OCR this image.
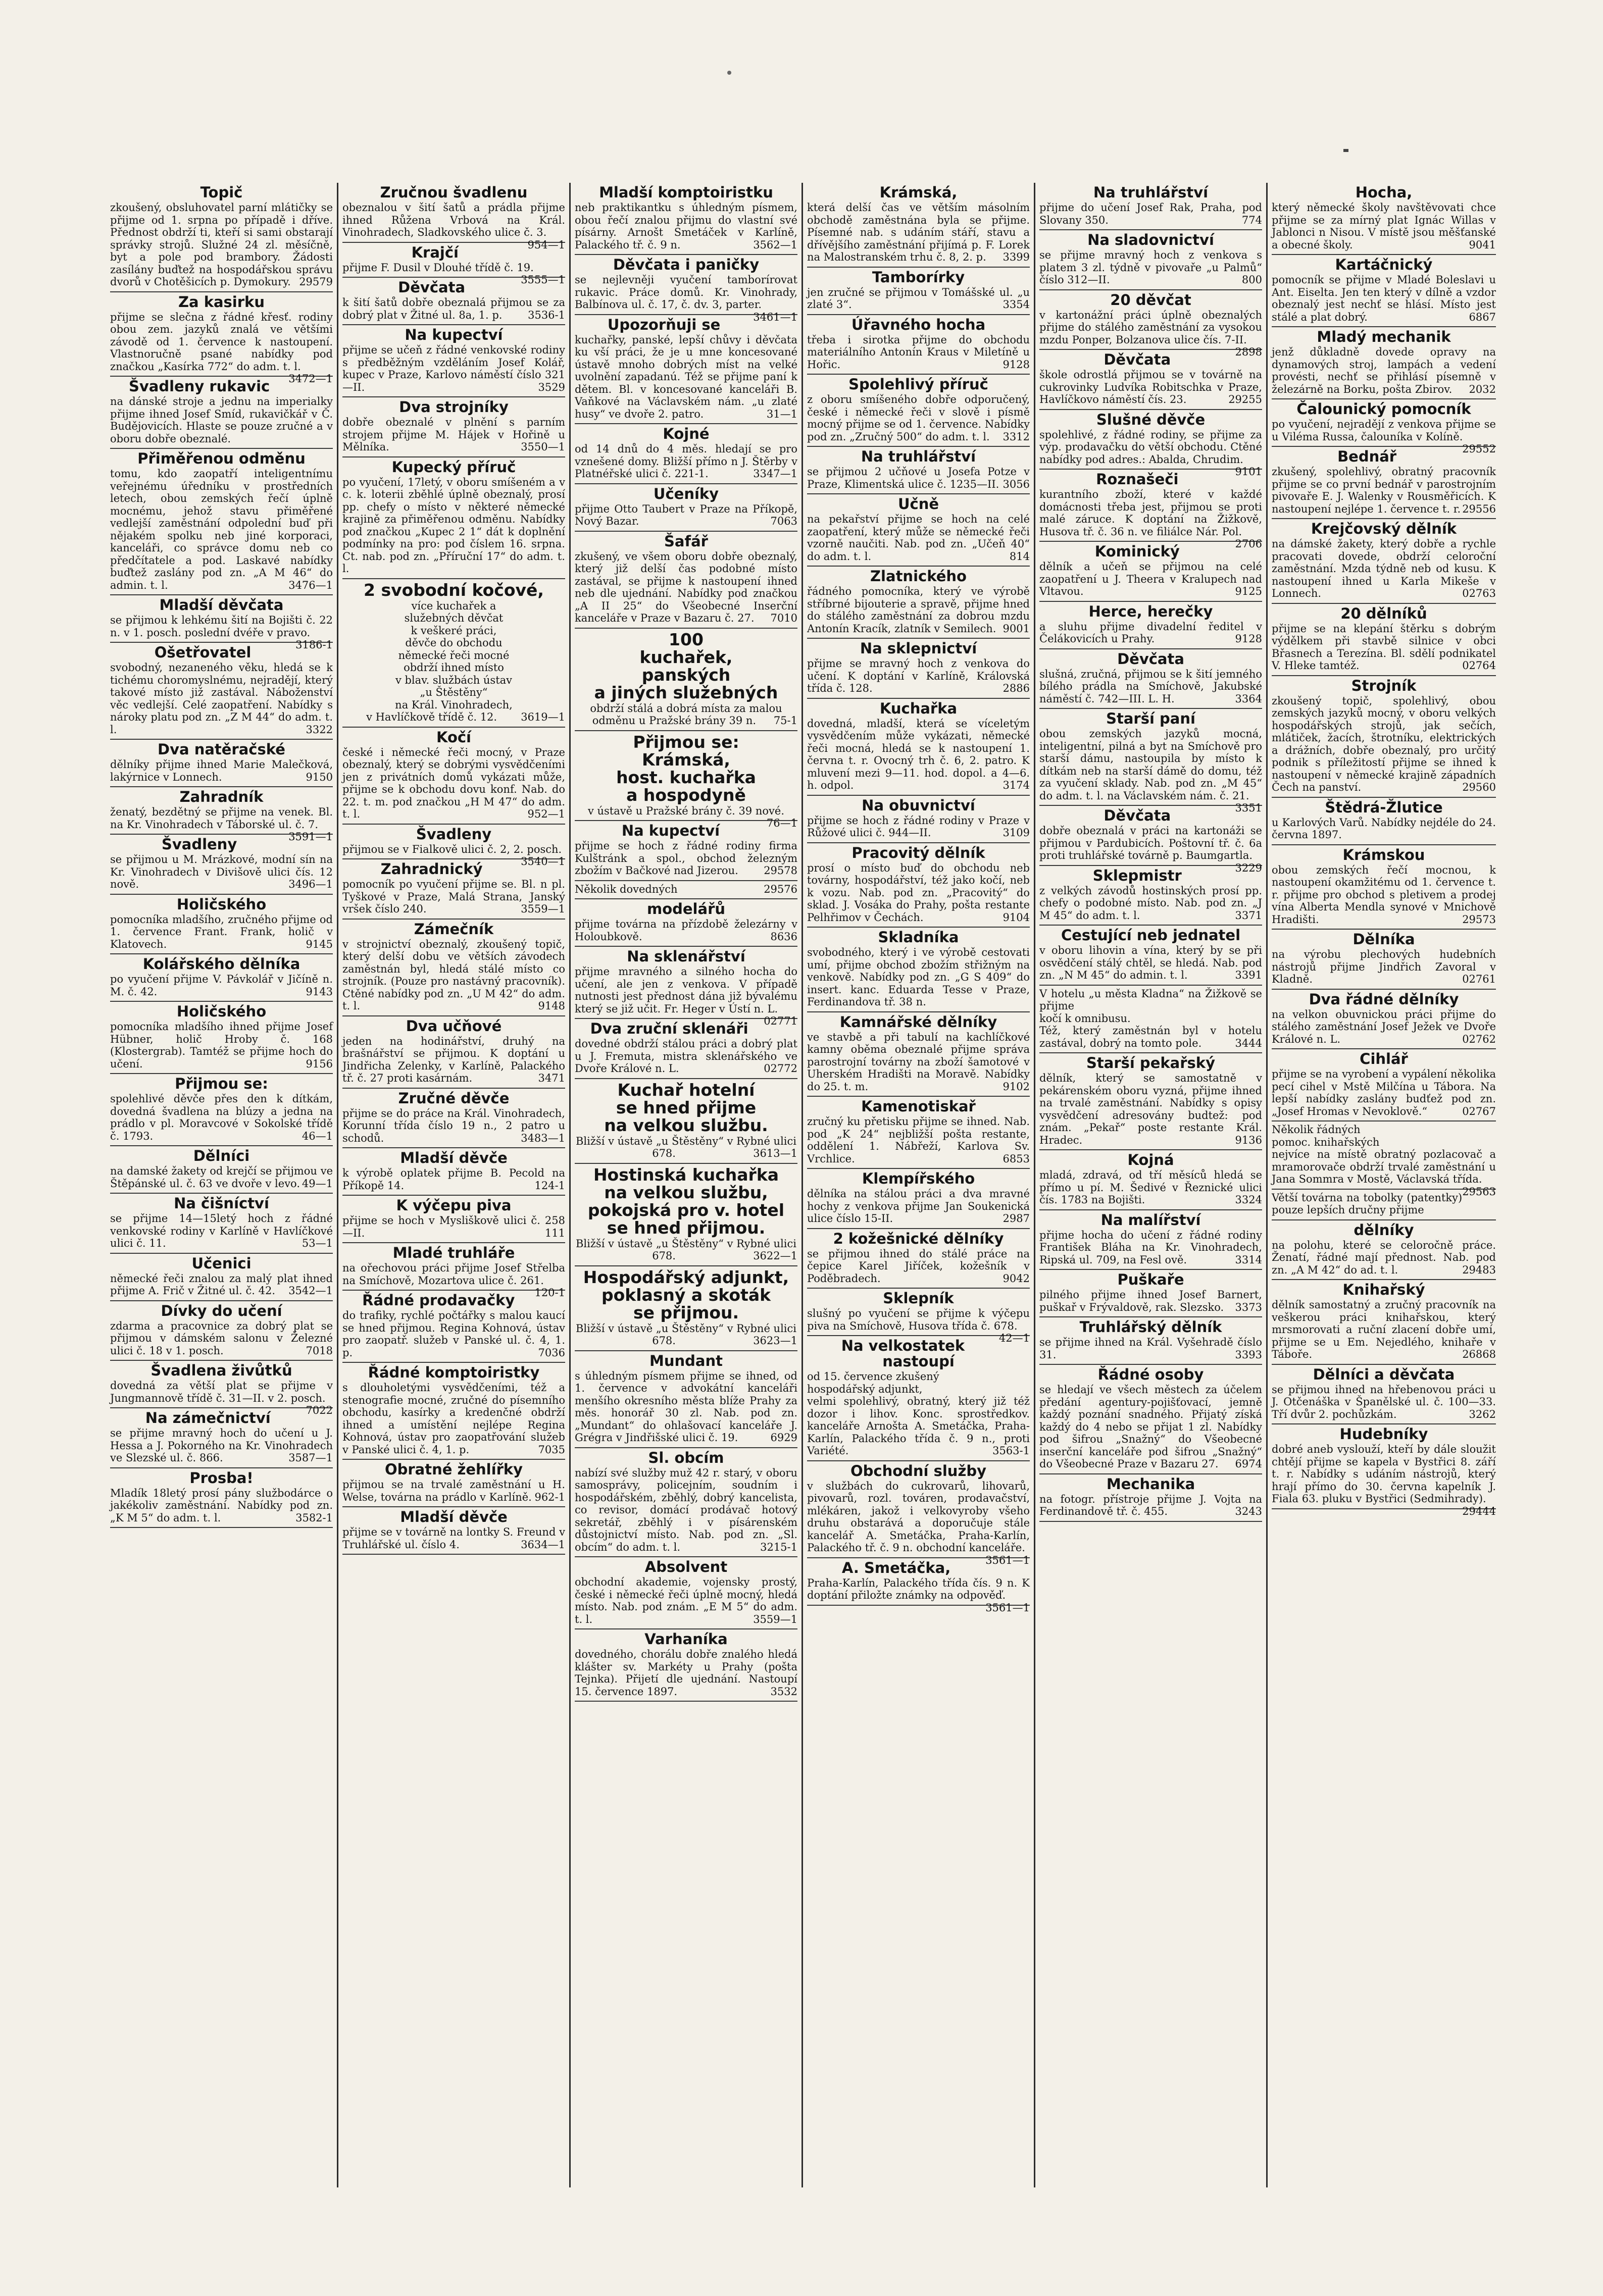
Topič
zkoušený, obsluhovatel parní mlátičky se přijme od 1. srpna po případě i dříve. Přednost obdrží ti, kteří si sami obstarají správky strojů. Služné 24 zl. měsíčně, byt a pole pod brambory. Žádosti zasílány buďtež na hospodářskou správu dvorů v Chotěšicích p. Dymokury. 29579
Za kasirku
přijme se slečna z řádné křesť. rodiny obou zem. jazyků znalá ve většími závodě od 1. července k nastoupení. Vlastnoručně psané nabídky pod značkou „Kasírka 772“ do adm. t. l.
3472—1
Švadleny rukavic
na dánské stroje a jednu na imperialky přijme ihned Josef Smíd, rukavičkář v Č. Budějovicích. Hlaste se pouze zručné a v oboru dobře obeznalé.
Přiměřenou odměnu
tomu, kdo zaopatří inteligentnímu veřejnému úředníku v prostředních letech, obou zemských řečí úplně mocnému, jehož stavu přiměřené vedlejší zaměstnání odpolední buď při nějakém spolku neb jiné korporaci, kanceláři, co správce domu neb co předčítatele a pod. Laskavé nabídky buďtež zaslány pod zn. „A M 46“ do admin. t. l.	3476—1
Mladší děvčata
se přijmou k lehkému šití na Bojišti č. 22 n. v 1. posch. poslední dvéře v pravo.
3186-1
Ošetřovatel
svobodný, nezaneného věku, hledá se k tichému choromyslnému, nejradějí, který takové místo již zastával. Náboženství věc vedlejší. Celé zaopatření. Nabídky s nároky platu pod zn. „Z M 44“ do adm. t. l.	3322
Dva natěračské
dělníky přijme ihned Marie Malečková, lakýrnice v Lonnech.	9150
Zahradník
ženatý, bezdětný se přijme na venek. Bl. na Kr. Vinohradech v Táborské ul. č. 7.
3591—1
Švadleny
se přijmou u M. Mrázkové, modní sín na Kr. Vinohradech v Divišově ulici čís. 12 nově.	3496—1
Holičského
pomocníka mladšího, zručného přijme od 1. července Frant. Frank, holič v Klatovech.	9145
Kolářského dělníka
po vyučení přijme V. Pávkolář v Jičíně n. M. č. 42.	9143
Holičského
pomocníka mladšího ihned přijme Josef Hübner, holič Hroby č. 168 (Klostergrab). Tamtéž se přijme hoch do učení.	9156
Přijmou se:
spolehlivé děvče přes den k dítkám, dovedná švadlena na blúzy a jedna na prádlo v pl. Moravcové v Sokolské třídě č. 1793.	46—1
Dělníci
na damské žakety od krejčí se přijmou ve Štěpánské ul. č. 63 ve dvoře v levo. 49—1
Na čišníctví
se přijme 14—15letý hoch z řádné venkovské rodiny v Karlíně v Havlíčkové ulici č. 11.	53—1
Učenici
německé řeči znalou za malý plat ihned přijme A. Frič v Žitné ul. č. 42. 3542—1
Dívky do učení
zdarma a pracovnice za dobrý plat se přijmou v dámském salonu v Železné ulici č. 18 v 1. posch.	7018
Švadlena živůtků
dovedná za větší plat se přijme v Jungmannově třídě č. 31—II. v 2. posch.
7022
Na zámečnictví
se přijme mravný hoch do učení u J. Hessa a J. Pokorného na Kr. Vinohradech ve Slezské ul. č. 866.	3587—1
Prosba!
Mladík 18letý prosí pány službodárce o jakékoliv zaměstnání. Nabídky pod zn. „K M 5“ do adm. t. l.	3582-1
Zručnou švadlenu
obeznalou v šití šatů a prádla přijme ihned Růžena Vrbová na Král. Vinohradech, Sladkovského ulice č. 3.
954—1
Krajčí
přijme F. Dusil v Dlouhé třídě č. 19.
3555—1
Děvčata
k šití šatů dobře obeznalá přijmou se za dobrý plat v Žitné ul. 8a, 1. p. 3536-1
Na kupectví
přijme se učeň z řádné venkovské rodiny s předběžným vzděláním Josef Kolář, kupec v Praze, Karlovo náměstí číslo 321—II.	3529
Dva strojníky
dobře obeznalé v plnění s parním strojem přijme M. Hájek v Hořině u Mělníka.	3550—1
Kupecký příruč
po vyučení, 17letý, v oboru smíšeném a v c. k. loterii zběhlé úplně obeznalý, prosí pp. chefy o místo v některé německé krajině za přiměřenou odměnu. Nabídky pod značkou „Kupec 2 1“ dát k doplnění podmínky na pro: pod číslem 16. srpna. Ct. nab. pod zn. „Příruční 17“ do adm. t. l.
2 svobodní kočové,
více kuchařek a
služebných děvčat
k veškeré práci,
děvče do obchodu
německé řeči mocné
obdrží ihned místo
v blav. službách ústav
„u Štěstěny“
na Král. Vinohradech,
v Havlíčkově třídě č. 12. 3619—1
Kočí
české i německé řeči mocný, v Praze obeznalý, který se dobrými vysvědčeními jen z privátních domů vykázati může, přijme se k obchodu dovu konf. Nab. do 22. t. m. pod značkou „H M 47“ do adm. t. l.	952—1
Švadleny
přijmou se v Fialkově ulici č. 2, 2. posch.
3540—1
Zahradnický
pomocník po vyučení přijme se. Bl. n pl. Tyškové v Praze, Malá Strana, Janský vršek číslo 240.	3559—1
Zámečník
v strojnictví obeznalý, zkoušený topič, který delší dobu ve větších závodech zaměstnán byl, hledá stálé místo co strojník. (Pouze pro nastávný pracovník). Ctěné nabídky pod zn. „U M 42“ do adm. t. l.	9148
Dva učňové
jeden na hodinářství, druhý na brašnářství se přijmou. K doptání u Jindřicha Zelenky, v Karlíně, Palackého tř. č. 27 proti kasárnám.	3471
Zručné děvče
přijme se do práce na Král. Vinohradech, Korunní třída číslo 19 n., 2 patro u schodů.	3483—1
Mladší děvče
k výrobě oplatek přijme B. Pecold na Příkopě 14.	124-1
K výčepu piva
přijme se hoch v Mysliškově ulici č. 258—II.	111
Mladé truhláře
na ořechovou práci přijme Josef Střelba na Smíchově, Mozartova ulice č. 261.
120-1
Řádné prodavačky
do trafiky, rychlé počtářky s malou kaucí se hned přijmou. Regina Kohnová, ústav pro zaopatř. služeb v Panské ul. č. 4, 1. p.	7036
Řádné komptoiristky
s dlouholetými vysvědčeními, též a stenografie mocné, zručné do písemního obchodu, kasírky a kredenčné obdrží ihned a umístění nejlépe Regina Kohnová, ústav pro zaopatřování služeb v Panské ulici č. 4, 1. p.	7035
Obratné žehlířky
přijmou se na trvalé zaměstnání u H. Welse, továrna na prádlo v Karlíně. 962-1
Mladší děvče
přijme se v továrně na lontky S. Freund v Truhlářské ul. číslo 4.	3634—1
Mladší komptoiristku
neb praktikantku s úhledným písmem, obou řečí znalou přijmu do vlastní své písárny. Arnošt Smetáček v Karlíně, Palackého tř. č. 9 n.	3562—1
Děvčata i paničky
se nejlevněji vyučení tamborírovat rukavic. Práce domů. Kr. Vinohrady, Balbínova ul. č. 17, č. dv. 3, parter.
3461—1
Upozorňuji se
kuchařky, panské, lepší chůvy i děvčata ku vší práci, že je u mne koncesované ústavě mnoho dobrých míst na velké uvolnění zapadanú. Též se přijme paní k dětem. Bl. v koncesované kanceláři B. Vaňkové na Václavském nám. „u zlaté husy“ ve dvoře 2. patro.	31—1
Kojné
od 14 dnů do 4 měs. hledají se pro vznešené domy. Bližší přímo n J. Štěrby v Platnéřské ulici č. 221-1.	3347—1
Učeníky
přijme Otto Taubert v Praze na Příkopě, Nový Bazar.	7063
Šafář
zkušený, ve všem oboru dobře obeznalý, který již delší čas podobné místo zastával, se přijme k nastoupení ihned neb dle ujednání. Nabídky pod značkou „A II 25“ do Všeobecné Inserční kanceláře v Praze v Bazaru č. 27. 7010
100
kuchařek,
panských
a jiných služebných
obdrží stálá a dobrá místa za malou odměnu u Pražské brány 39 n. 75-1
Přijmou se:
Krámská,
host. kuchařka
a hospodyně
v ústavě u Pražské brány č. 39 nové.
76—1
Na kupectví
přijme se hoch z řádné rodiny firma Kulštránk a spol., obchod železným zbožím v Bačkové nad Jizerou. 29578
Několik dovedných	29576
modelářů
přijme továrna na přízdobě železárny v Holoubkově.	8636
Na sklenářství
přijme mravného a silného hocha do učení, ale jen z venkova. V případě nutnosti jest přednost dána již bývalému který se již učit. Fr. Heger v Ústí n. L.
02771
Dva zruční sklenáři
dovedné obdrží stálou práci a dobrý plat u J. Fremuta, mistra sklenářského ve Dvoře Králové n. L.	02772
Kuchař hotelní
se hned přijme
na velkou službu.
Bližší v ústavě „u Štěstěny“ v Rybné ulici 678.	3613—1
Hostinská kuchařka
na velkou službu,
pokojská pro v. hotel
se hned přijmou.
Bližší v ústavě „u Štěstěny“ v Rybné ulici 678.	3622—1
Hospodářský adjunkt,
poklasný a skoták
se přijmou.
Bližší v ústavě „u Štěstěny“ v Rybné ulici 678.	3623—1
Mundant
s úhledným písmem přijme se ihned, od 1. července v advokátní kanceláři menšího okresního města blíže Prahy za měs. honorář 30 zl. Nab. pod zn. „Mundant“ do ohlašovací kanceláře J. Grégra v Jindřišské ulici č. 19.	6929
Sl. obcím
nabízí své služby muž 42 r. starý, v oboru samosprávy, policejním, soudním i hospodářském, zběhlý, dobrý kancelista, co revisor, domácí prodávač hotový sekretář, zběhlý i v písárenském důstojnictví místo. Nab. pod zn. „Sl. obcím“ do adm. t. l.	3215-1
Absolvent
obchodní akademie, vojensky prostý, české i německé řeči úplně mocný, hledá místo. Nab. pod znám. „E M 5“ do adm. t. l.	3559—1
Varhaníka
dovedného, chorálu dobře znalého hledá klášter sv. Markéty u Prahy (pošta Tejnka). Přijetí dle ujednání. Nastoupí 15. července 1897.	3532
Krámská,
která delší čas ve větším másolním obchodě zaměstnána byla se přijme. Písemné nab. s udáním stáří, stavu a dřívějšího zaměstnání přijímá p. F. Lorek na Malostranském trhu č. 8, 2. p. 3399
Tamborírky
jen zručné se přijmou v Tomášské ul. „u zlaté 3“.	3354
Úřavného hocha
třeba i sirotka přijme do obchodu materiálního Antonín Kraus v Miletíně u Hořic.	9128
Spolehlivý příruč
z oboru smíšeného dobře odporučený, české i německé řeči v slově i písmě mocný přijme se od 1. července. Nabídky pod zn. „Zručný 500“ do adm. t. l. 3312
Na truhlářství
se přijmou 2 učňové u Josefa Potze v Praze, Klimentská ulice č. 1235—II. 3056
Učně
na pekařství přijme se hoch na celé zaopatření, který může se německé řeči vzorně naučiti. Nab. pod zn. „Učeň 40“ do adm. t. l.	814
Zlatnického
řádného pomocníka, který ve výrobě stříbrné bijouterie a spravě, přijme hned do stálého zaměstnání za dobrou mzdu Antonín Kracík, zlatník v Semilech. 9001
Na sklepnictví
přijme se mravný hoch z venkova do učení. K doptání v Karlíně, Královská třída č. 128.	2886
Kuchařka
dovedná, mladší, která se víceletým vysvědčením může vykázati, německé řeči mocná, hledá se k nastoupení 1. června t. r. Ovocný trh č. 6, 2. patro. K mluvení mezi 9—11. hod. dopol. a 4—6. h. odpol.	3174
Na obuvnictví
přijme se hoch z řádné rodiny v Praze v Růžové ulici č. 944—II.	3109
Pracovitý dělník
prosí o místo buď do obchodu neb továrny, hospodářství, též jako kočí, neb k vozu. Nab. pod zn. „Pracovitý“ do sklad. J. Vosáka do Prahy, pošta restante Pelhřimov v Čechách.	9104
Skladníka
svobodného, který i ve výrobě cestovati umí, přijme obchod zbožím střižným na venkově. Nabídky pod zn. „G S 409“ do insert. kanc. Eduarda Tesse v Praze, Ferdinandova tř. 38 n.
Kamnářské dělníky
ve stavbě a při tabulí na kachlíčkové kamny oběma obeznalé přijme správa parostrojní továrny na zboží šamotové v Uherském Hradišti na Moravě. Nabídky do 25. t. m.	9102
Kamenotiskař
zručný ku přetisku přijme se ihned. Nab. pod „K 24“ nejbližší pošta restante, oddělení 1. Nábřeží, Karlova Sv. Vrchlice.	6853
Klempířského
dělníka na stálou práci a dva mravné hochy z venkova přijme Jan Soukenická ulice číslo 15-II.	2987
2 kožešnické dělníky
se přijmou ihned do stálé práce na čepice Karel Jiříček, kožešník v Poděbradech.	9042
Sklepník
slušný po vyučení se přijme k výčepu piva na Smíchově, Husova třída č. 678.
42—1
Na velkostatek nastoupí
od 15. července zkušený
hospodářský adjunkt,
velmi spolehlivý, obratný, který již též dozor i lihov. Konc. sprostředkov. kanceláře Arnošta A. Smetáčka, Praha-Karlín, Palackého třída č. 9 n., proti Variété.	3563-1
Obchodní služby
v službách do cukrovarů, lihovarů, pivovarů, rozl. továren, prodavačství, mlékáren, jakož i velkovyroby všeho druhu obstarává a doporučuje stále kancelář A. Smetáčka, Praha-Karlín, Palackého tř. č. 9 n. obchodní kanceláře.
3561—1
A. Smetáčka,
Praha-Karlín, Palackého třída čís. 9 n. K doptání přiložte známky na odpověď.
3561—1
Na truhlářství
přijme do učení Josef Rak, Praha, pod Slovany 350.	774
Na sladovnictví
se přijme mravný hoch z venkova s platem 3 zl. týdně v pivovaře „u Palmů“ číslo 312—II.	800
20 děvčat
v kartonážní práci úplně obeznalých přijme do stálého zaměstnání za vysokou mzdu Ponper, Bolzanova ulice čís. 7-II.
2898
Děvčata
škole odrostlá přijmou se v továrně na cukrovinky Ludvíka Robitschka v Praze, Havlíčkovo náměstí čís. 23.	29255
Slušné děvče
spolehlivé, z řádné rodiny, se přijme za výp. prodavačku do větší obchodu. Ctěné nabídky pod adres.: Abalda, Chrudim.
9101
Roznašeči
kurantního zboží, které v každé domácnosti třeba jest, přijmou se proti malé záruce. K doptání na Žižkově, Husova tř. č. 36 n. ve filiálce Nár. Pol.
2706
Kominický
dělník a učeň se přijmou na celé zaopatření u J. Theera v Kralupech nad Vltavou.	9125
Herce, herečky
a sluhu přijme divadelní ředitel v Čelákovicích u Prahy.	9128
Děvčata
slušná, zručná, přijmou se k šití jemného bílého prádla na Smíchově, Jakubské náměstí č. 742—III. L. H.	3364
Starší paní
obou zemských jazyků mocná, inteligentní, pilná a byt na Smíchově pro starší dámu, nastoupila by místo k dítkám neb na starší dámě do domu, též za vyučení sklady. Nab. pod zn. „M 45“ do adm. t. l. na Václavském nám. č. 21.
3351
Děvčata
dobře obeznalá v práci na kartonáži se přijmou v Pardubicích. Poštovní tř. č. 6a proti truhlářské továrně p. Baumgartla.
3229
Sklepmistr
z velkých závodů hostinských prosí pp. chefy o podobné místo. Nab. pod zn. „J M 45“ do adm. t. l.	3371
Cestující neb jednatel
v oboru lihovin a vína, který by se při osvědčení stálý chtěl, se hledá. Nab. pod zn. „N M 45“ do admin. t. l.	3391
V hotelu „u města Kladna“ na Žižkově se přijme
kočí k omnibusu.
Též, který zaměstnán byl v hotelu zastával, dobrý na tomto pole.	3444
Starší pekařský
dělník, který se samostatně v pekárenském oboru vyzná, přijme ihned na trvalé zaměstnání. Nabídky s opisy vysvědčení adresovány budtež: pod znám. „Pekař“ poste restante Král. Hradec.	9136
Kojná
mladá, zdravá, od tří měsíců hledá se přímo u pí. M. Šedivé v Řeznické ulici čís. 1783 na Bojišti.	3324
Na malířství
přijme hocha do učení z řádné rodiny František Bláha na Kr. Vinohradech, Ripská ul. 709, na Fesl ově.	3314
Puškaře
pilného přijme ihned Josef Barnert, puškař v Frývaldově, rak. Slezsko. 3373
Truhlářský dělník
se přijme ihned na Král. Vyšehradě číslo 31.	3393
Řádné osoby
se hledají ve všech městech za účelem předání agentury-pojišťovací, jemně každý poznání snadného. Přijatý získá každý do 4 nebo se přijat 1 zl. Nabídky pod šifrou „Snažný“ do Všeobecné inserční kanceláře pod šifrou „Snažný“ do Všeobecné Praze v Bazaru 27. 6974
Mechanika
na fotogr. přístroje přijme J. Vojta na Ferdinandově tř. č. 455.	3243
Hocha,
který německé školy navštěvovati chce přijme se za mírný plat Ignác Willas v Jablonci n Nisou. V místě jsou měšťanské a obecné školy.	9041
Kartáčnický
pomocník se přijme v Mladé Boleslavi u Ant. Eiselta. Jen ten který v dílně a vzdor obeznalý jest nechť se hlásí. Místo jest stálé a plat dobrý.	6867
Mladý mechanik
jenž důkladně dovede opravy na dynamových stroj, lampách a vedení provésti, nechť se přihlásí písemně v železárně na Borku, pošta Zbirov. 2032
Čalounický pomocník
po vyučení, nejradějí z venkova přijme se u Viléma Russa, čalouníka v Kolíně.
29552
Bednář
zkušený, spolehlivý, obratný pracovník přijme se co první bednář v parostrojním pivovaře E. J. Walenky v Rousměřicích. K nastoupení nejlépe 1. července t. r. 29556
Krejčovský dělník
na dámské žakety, který dobře a rychle pracovati dovede, obdrží celoroční zaměstnání. Mzda týdně neb od kusu. K nastoupení ihned u Karla Mikeše v Lonnech.	02763
20 dělníků
přijme se na klepání štěrku s dobrým výdělkem při stavbě silnice v obci Břasnech a Terezína. Bl. sdělí podnikatel V. Hleke tamtéž.	02764
Strojník
zkoušený topič, spolehlivý, obou zemských jazyků mocný, v oboru velkých hospodářských strojů, jak sečích, mlátiček, žacích, štrotníku, elektrických a drážních, dobře obeznalý, pro určitý podnik s příležitostí přijme se ihned k nastoupení v německé krajině západních Čech na panství.	29560
Štědrá-Žlutice
u Karlových Varů. Nabídky nejdéle do 24. června 1897.
Krámskou
obou zemských řečí mocnou, k nastoupení okamžitému od 1. července t. r. přijme pro obchod s pletivem a prodej vína Alberta Mendla synové v Mnichově Hradišti.	29573
Dělníka
na výrobu plechových hudebních nástrojů přijme Jindřich Zavoral v Kladně.	02761
Dva řádné dělníky
na velkon obuvnickou práci přijme do stálého zaměstnání Josef Ježek ve Dvoře Králové n. L.	02762
Cihlář
přijme se na vyrobení a vypálení několika pecí cihel v Mstě Milčína u Tábora. Na lepší nabídky zaslány budťež pod zn. „Josef Hromas v Nevoklově.“	02767
Několik řádných
pomoc. knihařských
nejvíce na místě obratný pozlacovač a mramorovače obdrží trvalé zaměstnání u Jana Sommra v Mostě, Václavská třída.
29563
Větší továrna na tobolky (patentky) pouze lepších dručny přijme
dělníky
na polohu, které se celoročně práce. Ženatí, řádné mají přednost. Nab. pod zn. „A M 42“ do ad. t. l.	29483
Knihařský
dělník samostatný a zručný pracovník na veškerou práci knihařskou, který mrsmorovati a ruční zlacení dobře umí, přijme se u Em. Nejedlého, knihaře v Táboře.	26868
Dělníci a děvčata
se přijmou ihned na hřebenovou práci u J. Otčenáška v Španělské ul. č. 100—33. Tří dvůr 2. pochůzkám.	3262
Hudebníky
dobré aneb vyslouží, kteří by dále sloužit chtějí přijme se kapela v Bystřici 8. září t. r. Nabídky s udáním nástrojů, který hrají přímo do 30. června kapelník J. Fiala 63. pluku v Bystřici (Sedmihrady).
29444
